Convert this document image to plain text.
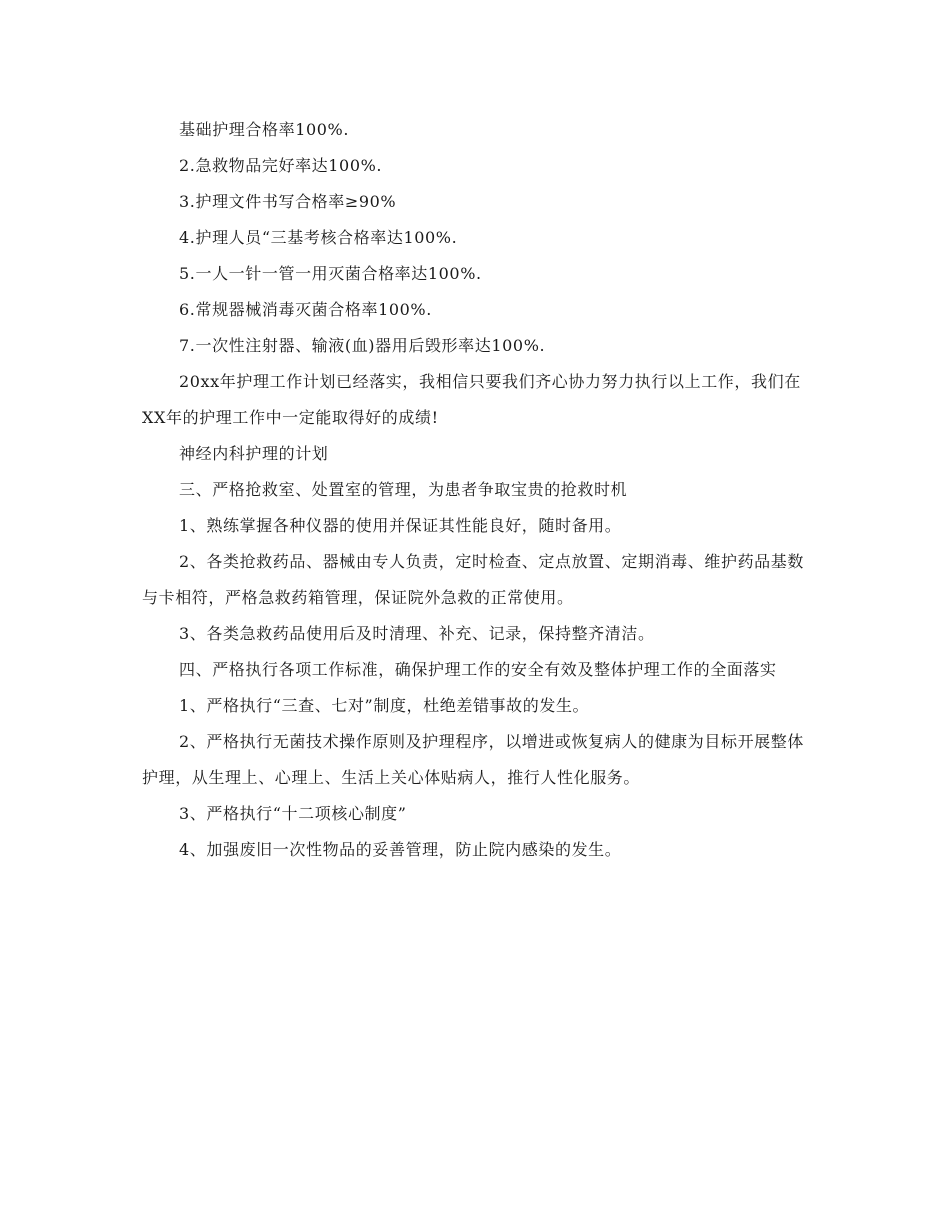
基础护理合格率100%.

2.急救物品完好率达100%.

3.护理文件书写合格率≥90%

4.护理人员“三基考核合格率达100%.

5.一人一针一管一用灭菌合格率达100%.

6.常规器械消毒灭菌合格率100%.

7.一次性注射器、输液(血)器用后毁形率达100%.

20xx年护理工作计划已经落实，我相信只要我们齐心协力努力执行以上工作，我们在XX年的护理工作中一定能取得好的成绩!

神经内科护理的计划

三、严格抢救室、处置室的管理，为患者争取宝贵的抢救时机

1、熟练掌握各种仪器的使用并保证其性能良好，随时备用。

2、各类抢救药品、器械由专人负责，定时检查、定点放置、定期消毒、维护药品基数与卡相符，严格急救药箱管理，保证院外急救的正常使用。

3、各类急救药品使用后及时清理、补充、记录，保持整齐清洁。

四、严格执行各项工作标准，确保护理工作的安全有效及整体护理工作的全面落实

1、严格执行“三查、七对”制度，杜绝差错事故的发生。

2、严格执行无菌技术操作原则及护理程序，以增进或恢复病人的健康为目标开展整体护理，从生理上、心理上、生活上关心体贴病人，推行人性化服务。

3、严格执行“十二项核心制度”

4、加强废旧一次性物品的妥善管理，防止院内感染的发生。
